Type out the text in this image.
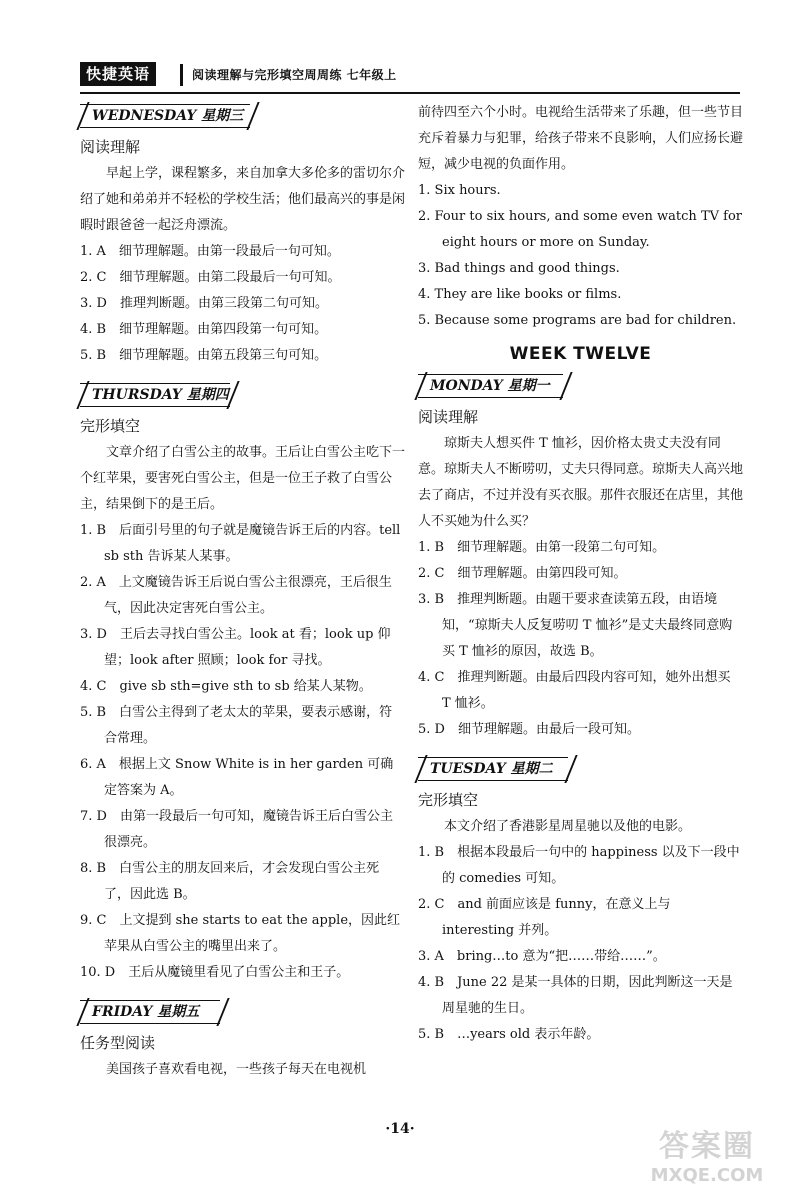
快捷英语	阅读理解与完形填空周周练 七年级上
WEDNESDAY 星期三
阅读理解

早起上学，课程繁多，来自加拿大多伦多的雷切尔介绍了她和弟弟并不轻松的学校生活；他们最高兴的事是闲暇时跟爸爸一起泛舟漂流。

1. A　细节理解题。由第一段最后一句可知。
2. C　细节理解题。由第二段最后一句可知。
3. D　推理判断题。由第三段第二句可知。
4. B　细节理解题。由第四段第一句可知。
5. B　细节理解题。由第五段第三句可知。
THURSDAY 星期四
完形填空

文章介绍了白雪公主的故事。王后让白雪公主吃下一个红苹果，要害死白雪公主，但是一位王子救了白雪公主，结果倒下的是王后。

1. B　后面引号里的句子就是魔镜告诉王后的内容。tell sb sth 告诉某人某事。
2. A　上文魔镜告诉王后说白雪公主很漂亮，王后很生气，因此决定害死白雪公主。
3. D　王后去寻找白雪公主。look at 看；look up 仰望；look after 照顾；look for 寻找。
4. C　give sb sth=give sth to sb 给某人某物。
5. B　白雪公主得到了老太太的苹果，要表示感谢，符合常理。
6. A　根据上文 Snow White is in her garden 可确定答案为 A。
7. D　由第一段最后一句可知，魔镜告诉王后白雪公主很漂亮。
8. B　白雪公主的朋友回来后，才会发现白雪公主死了，因此选 B。
9. C　上文提到 she starts to eat the apple，因此红苹果从白雪公主的嘴里出来了。
10. D　王后从魔镜里看见了白雪公主和王子。
FRIDAY 星期五
任务型阅读

美国孩子喜欢看电视，一些孩子每天在电视机

前待四至六个小时。电视给生活带来了乐趣，但一些节目充斥着暴力与犯罪，给孩子带来不良影响，人们应扬长避短，减少电视的负面作用。

1. Six hours.
2. Four to six hours, and some even watch TV for eight hours or more on Sunday.
3. Bad things and good things.
4. They are like books or films.
5. Because some programs are bad for children.
WEEK TWELVE
MONDAY 星期一
阅读理解

琼斯夫人想买件 T 恤衫，因价格太贵丈夫没有同意。琼斯夫人不断唠叨，丈夫只得同意。琼斯夫人高兴地去了商店，不过并没有买衣服。那件衣服还在店里，其他人不买她为什么买？

1. B　细节理解题。由第一段第二句可知。
2. C　细节理解题。由第四段可知。
3. B　推理判断题。由题干要求查读第五段，由语境知，“琼斯夫人反复唠叨 T 恤衫”是丈夫最终同意购买 T 恤衫的原因，故选 B。
4. C　推理判断题。由最后四段内容可知，她外出想买 T 恤衫。
5. D　细节理解题。由最后一段可知。
TUESDAY 星期二
完形填空

本文介绍了香港影星周星驰以及他的电影。

1. B　根据本段最后一句中的 happiness 以及下一段中的 comedies 可知。
2. C　and 前面应该是 funny，在意义上与 interesting 并列。
3. A　bring…to 意为“把……带给……”。
4. B　June 22 是某一具体的日期，因此判断这一天是周星驰的生日。
5. B　…years old 表示年龄。
·14·	答案圈
MXQE.COM
